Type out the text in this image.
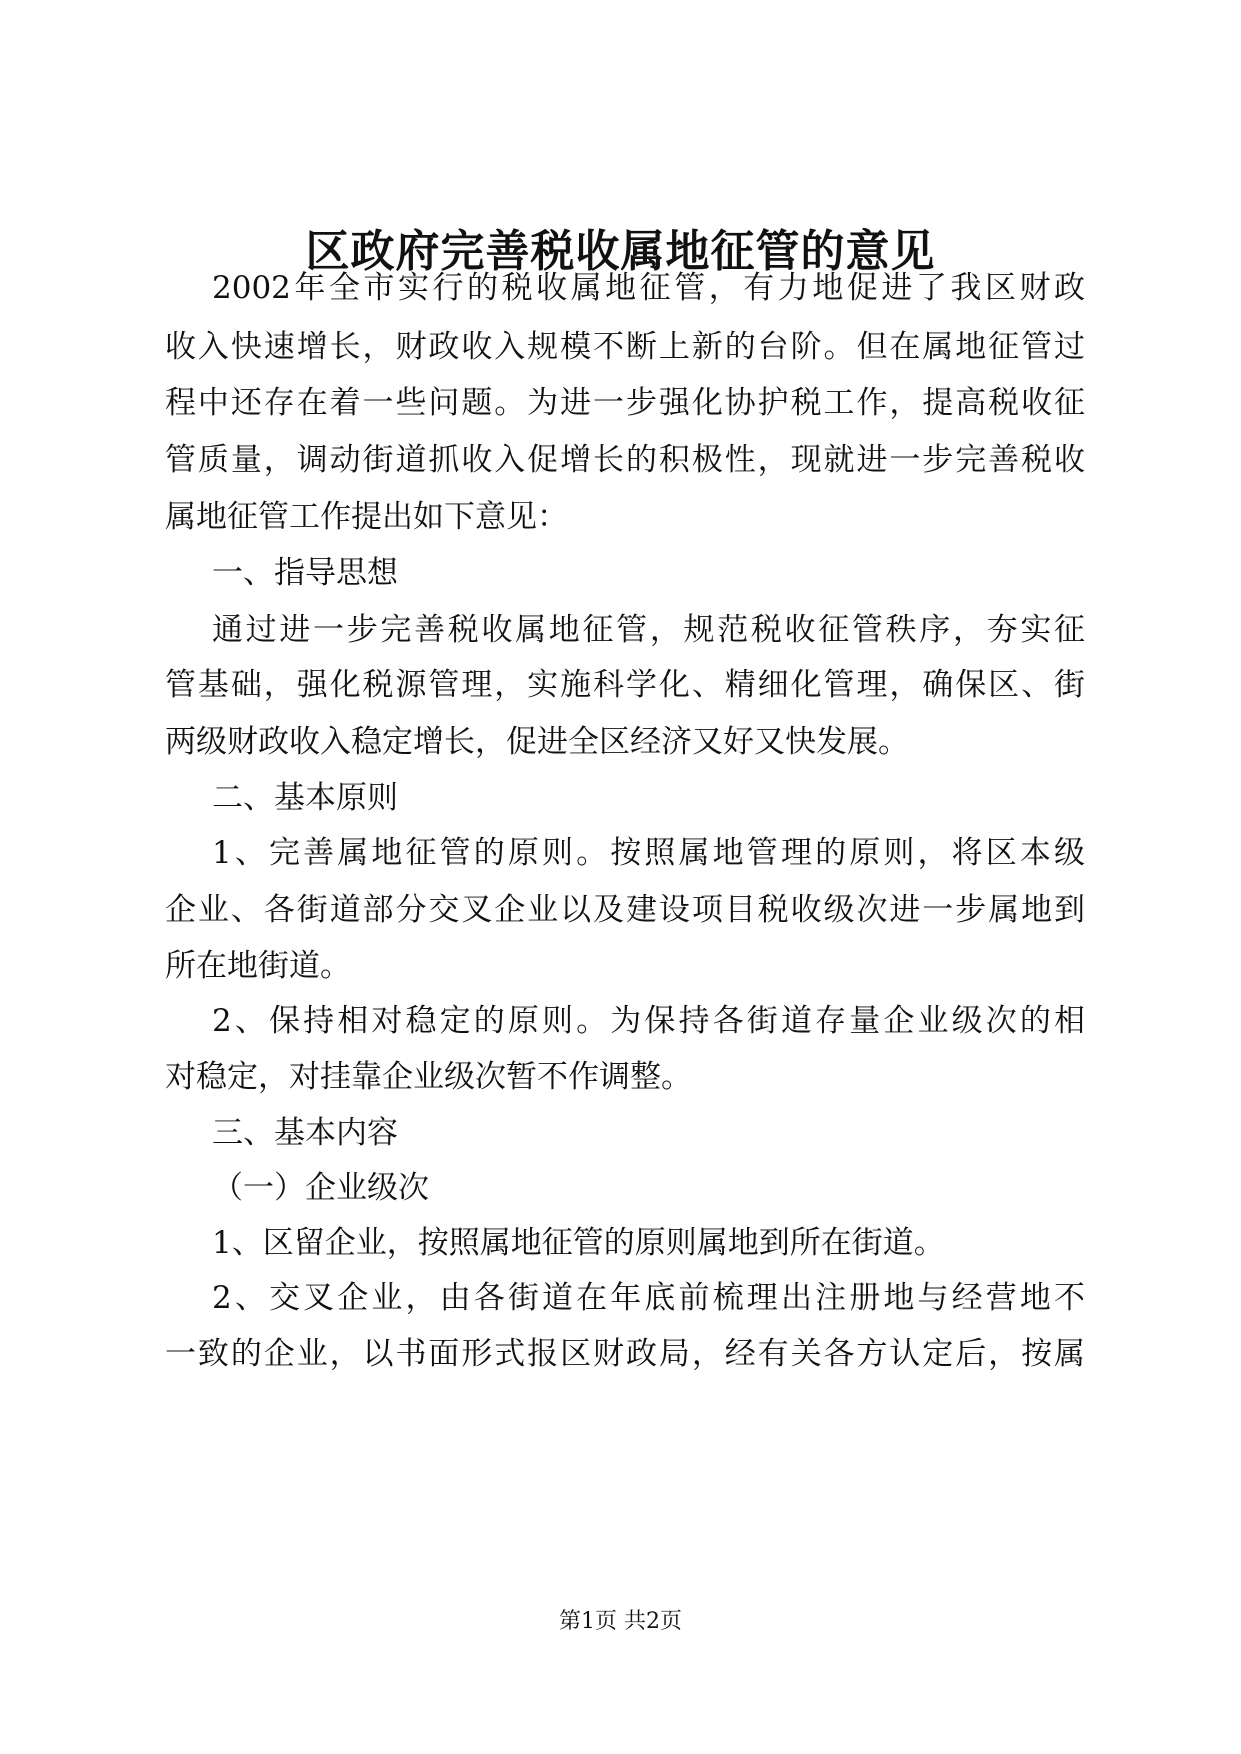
区政府完善税收属地征管的意见
2002年全市实行的税收属地征管，有力地促进了我区财政
收入快速增长，财政收入规模不断上新的台阶。但在属地征管过
程中还存在着一些问题。为进一步强化协护税工作，提高税收征
管质量，调动街道抓收入促增长的积极性，现就进一步完善税收
属地征管工作提出如下意见：
一、指导思想
通过进一步完善税收属地征管，规范税收征管秩序，夯实征
管基础，强化税源管理，实施科学化、精细化管理，确保区、街
两级财政收入稳定增长，促进全区经济又好又快发展。
二、基本原则
1、完善属地征管的原则。按照属地管理的原则，将区本级
企业、各街道部分交叉企业以及建设项目税收级次进一步属地到
所在地街道。
2、保持相对稳定的原则。为保持各街道存量企业级次的相
对稳定，对挂靠企业级次暂不作调整。
三、基本内容
（一）企业级次
1、区留企业，按照属地征管的原则属地到所在街道。
2、交叉企业，由各街道在年底前梳理出注册地与经营地不
一致的企业，以书面形式报区财政局，经有关各方认定后，按属
第1页 共2页
